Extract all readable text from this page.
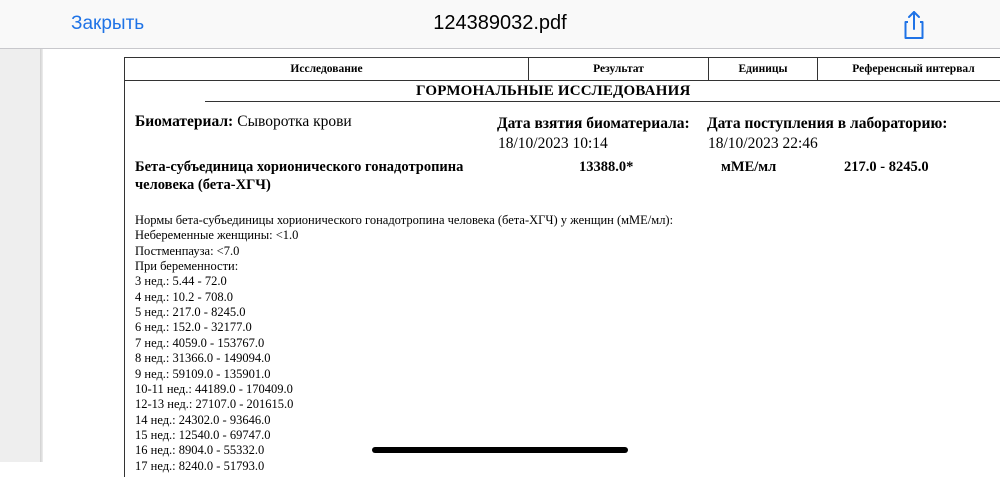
Закрыть	124389032.pdf
Исследование	Результат	Единицы	Референсный интервал
ГОРМОНАЛЬНЫЕ ИССЛЕДОВАНИЯ
Биоматериал: Сыворотка крови	Дата взятия биоматериала:
18/10/2023 10:14
Дата поступления в лабораторию:
18/10/2023 22:46
Бета-субъединица хорионического гонадотропина
человека (бета-ХГЧ)
13388.0*	мМЕ/мл	217.0 - 8245.0
Нормы бета-субъединицы хорионического гонадотропина человека (бета-ХГЧ) у женщин (мМЕ/мл):
Небеременные женщины: <1.0
Постменпауза: <7.0
При беременности:
3 нед.: 5.44 - 72.0
4 нед.: 10.2 - 708.0
5 нед.: 217.0 - 8245.0
6 нед.: 152.0 - 32177.0
7 нед.: 4059.0 - 153767.0
8 нед.: 31366.0 - 149094.0
9 нед.: 59109.0 - 135901.0
10-11 нед.: 44189.0 - 170409.0
12-13 нед.: 27107.0 - 201615.0
14 нед.: 24302.0 - 93646.0
15 нед.: 12540.0 - 69747.0
16 нед.: 8904.0 - 55332.0
17 нед.: 8240.0 - 51793.0
